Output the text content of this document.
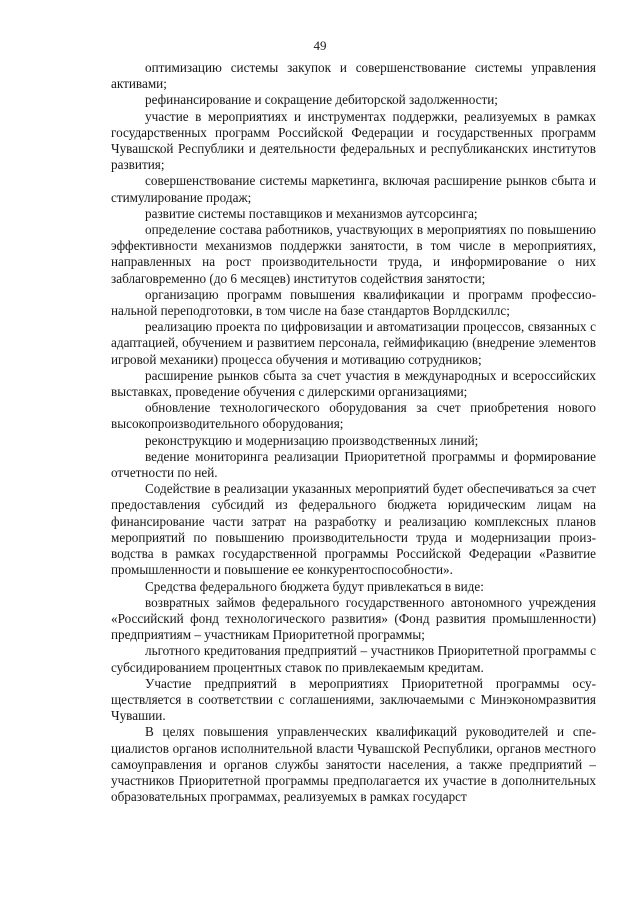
49

оптимизацию системы закупок и совершенствование системы управления активами;

рефинансирование и сокращение дебиторской задолженности;

участие в мероприятиях и инструментах поддержки, реализуемых в рамках государственных программ Российской Федерации и государственных программ Чувашской Республики и деятельности федеральных и республиканских институтов развития;

совершенствование системы маркетинга, включая расширение рынков сбыта и стимулирование продаж;

развитие системы поставщиков и механизмов аутсорсинга;

определение состава работников, участвующих в мероприятиях по повышению эффективности механизмов поддержки занятости, в том числе в мероприятиях, направленных на рост производительности труда, и информирование о них заблаговременно (до 6 месяцев) институтов содействия занятости;

организацию программ повышения квалификации и программ профессиональной переподготовки, в том числе на базе стандартов Ворлдскиллс;

реализацию проекта по цифровизации и автоматизации процессов, связанных с адаптацией, обучением и развитием персонала, геймификацию (внедрение элементов игровой механики) процесса обучения и мотивацию сотрудников;

расширение рынков сбыта за счет участия в международных и всероссийских выставках, проведение обучения с дилерскими организациями;

обновление технологического оборудования за счет приобретения нового высокопроизводительного оборудования;

реконструкцию и модернизацию производственных линий;

ведение мониторинга реализации Приоритетной программы и формирование отчетности по ней.

Содействие в реализации указанных мероприятий будет обеспечиваться за счет предоставления субсидий из федерального бюджета юридическим лицам на финансирование части затрат на разработку и реализацию комплексных планов мероприятий по повышению производительности труда и модернизации производства в рамках государственной программы Российской Федерации «Развитие промышленности и повышение ее конкурентоспособности».

Средства федерального бюджета будут привлекаться в виде:

возвратных займов федерального государственного автономного учреждения «Российский фонд технологического развития» (Фонд развития промышленности) предприятиям – участникам Приоритетной программы;

льготного кредитования предприятий – участников Приоритетной программы с субсидированием процентных ставок по привлекаемым кредитам.

Участие предприятий в мероприятиях Приоритетной программы осуществляется в соответствии с соглашениями, заключаемыми с Минэкономразвития Чувашии.

В целях повышения управленческих квалификаций руководителей и специалистов органов исполнительной власти Чувашской Республики, органов местного самоуправления и органов службы занятости населения, а также предприятий – участников Приоритетной программы предполагается их участие в дополнительных образовательных программах, реализуемых в рамках государст
